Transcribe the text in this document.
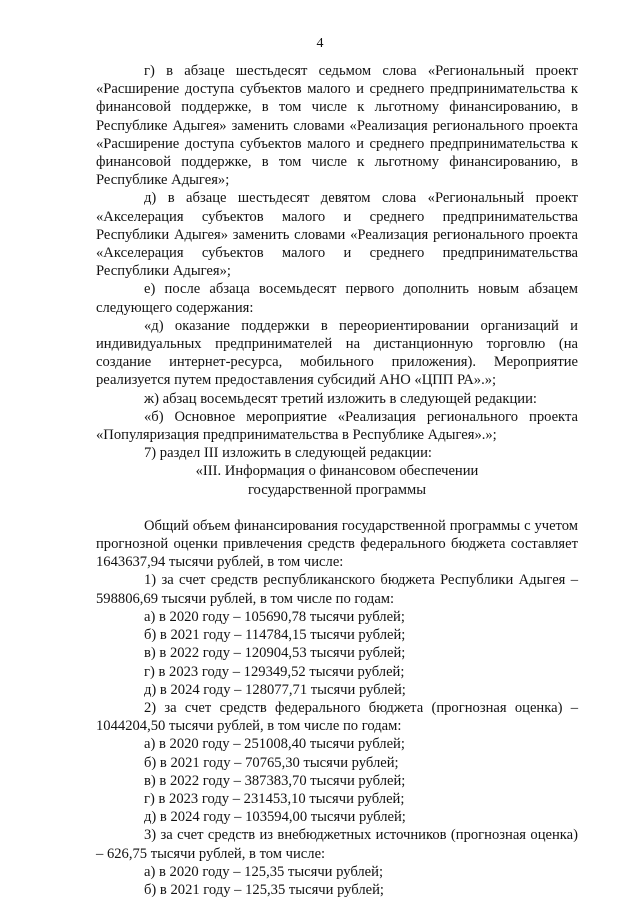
4

г) в абзаце шестьдесят седьмом слова «Региональный проект «Расширение доступа субъектов малого и среднего предпринимательства к финансовой поддержке, в том числе к льготному финансированию, в Республике Адыгея» заменить словами «Реализация регионального проекта «Расширение доступа субъектов малого и среднего предпринимательства к финансовой поддержке, в том числе к льготному финансированию, в Республике Адыгея»;

д) в абзаце шестьдесят девятом слова «Региональный проект «Акселерация субъектов малого и среднего предпринимательства Республики Адыгея» заменить словами «Реализация регионального проекта «Акселерация субъектов малого и среднего предпринимательства Республики Адыгея»;

е) после абзаца восемьдесят первого дополнить новым абзацем следующего содержания:

«д) оказание поддержки в переориентировании организаций и индивидуальных предпринимателей на дистанционную торговлю (на создание интернет-ресурса, мобильного приложения). Мероприятие реализуется путем предоставления субсидий АНО «ЦПП РА».»;

ж) абзац восемьдесят третий изложить в следующей редакции:

«б) Основное мероприятие «Реализация регионального проекта «Популяризация предпринимательства в Республике Адыгея».»;

7) раздел III изложить в следующей редакции:

«III. Информация о финансовом обеспечении

государственной программы

Общий объем финансирования государственной программы с учетом прогнозной оценки привлечения средств федерального бюджета составляет 1643637,94 тысячи рублей, в том числе:

1) за счет средств республиканского бюджета Республики Адыгея – 598806,69 тысячи рублей, в том числе по годам:

а) в 2020 году – 105690,78 тысячи рублей;

б) в 2021 году – 114784,15 тысячи рублей;

в) в 2022 году – 120904,53 тысячи рублей;

г) в 2023 году – 129349,52 тысячи рублей;

д) в 2024 году – 128077,71 тысячи рублей;

2) за счет средств федерального бюджета (прогнозная оценка) – 1044204,50 тысячи рублей, в том числе по годам:

а) в 2020 году – 251008,40 тысячи рублей;

б) в 2021 году – 70765,30 тысячи рублей;

в) в 2022 году – 387383,70 тысячи рублей;

г) в 2023 году – 231453,10 тысячи рублей;

д) в 2024 году – 103594,00 тысячи рублей;

3) за счет средств из внебюджетных источников (прогнозная оценка) – 626,75 тысячи рублей, в том числе:

а) в 2020 году – 125,35 тысячи рублей;

б) в 2021 году – 125,35 тысячи рублей;
